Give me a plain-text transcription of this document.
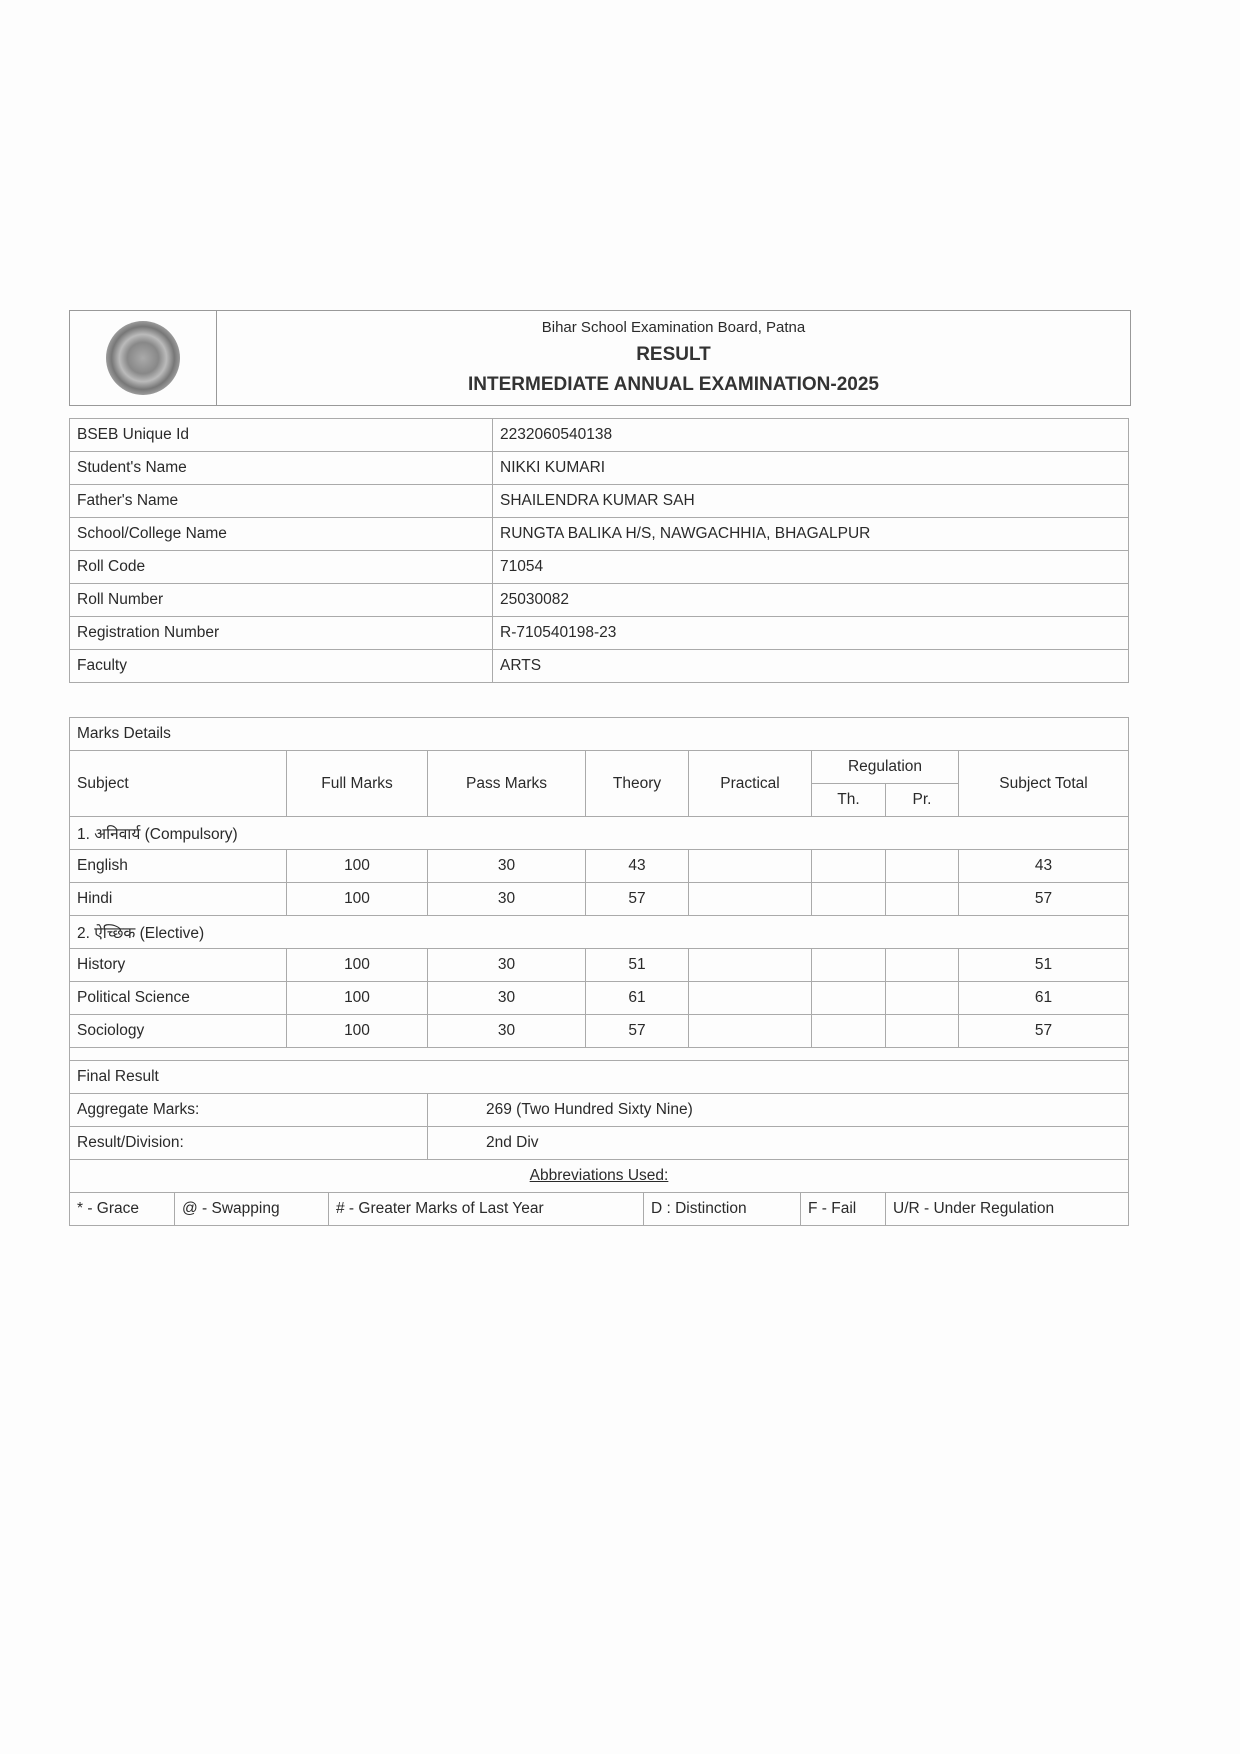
Bihar School Examination Board, Patna
RESULT
INTERMEDIATE ANNUAL EXAMINATION-2025
BSEB Unique Id	2232060540138
Student's Name	NIKKI KUMARI
Father's Name	SHAILENDRA KUMAR SAH
School/College Name	RUNGTA BALIKA H/S, NAWGACHHIA, BHAGALPUR
Roll Code	71054
Roll Number	25030082
Registration Number	R-710540198-23
Faculty	ARTS
Marks Details							
Subject	Full Marks	Pass Marks	Theory	Practical	Regulation		Subject Total
					Th.	Pr.	
1. अनिवार्य (Compulsory)							
English	100	30	43				43
Hindi	100	30	57				57
2. ऐच्छिक (Elective)							
History	100	30	51				51
Political Science	100	30	61				61
Sociology	100	30	57				57

Final Result							
Aggregate Marks:		269 (Two Hundred Sixty Nine)					
Result/Division:		2nd Div					
Abbreviations Used:							
* - Grace	@ - Swapping	# - Greater Marks of Last Year	D : Distinction	F - Fail	U/R - Under Regulation
